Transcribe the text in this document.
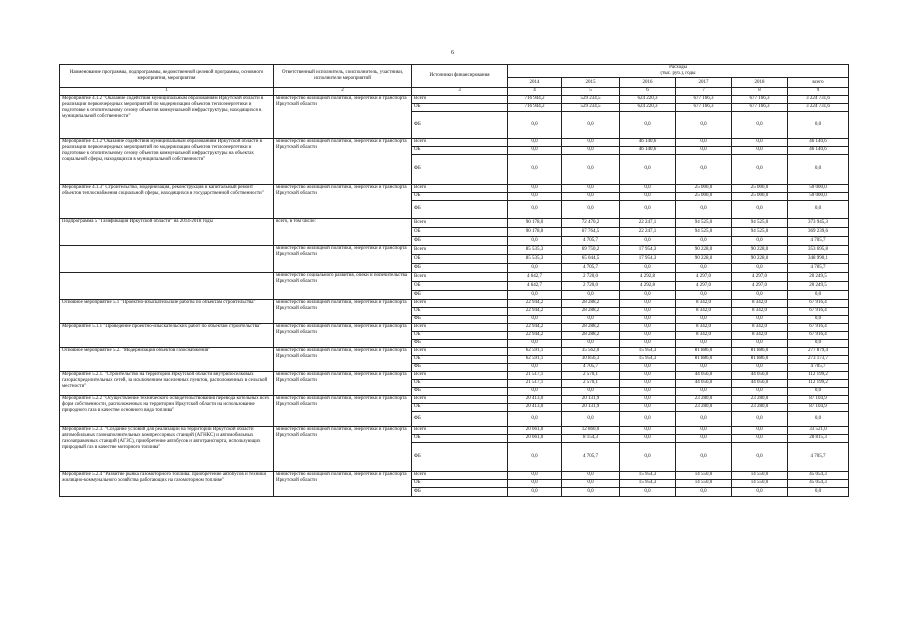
6
Наименование программы, подпрограммы, ведомственной целевой программы, основного мероприятия, мероприятия	Ответственный исполнитель, соисполнитель, участники, исполнители мероприятий	Источники финансирования	Расходы					
			(тыс. руб.), годы					
			2014	2015	2016	2017	2018	всего
1	2	3	4	5	6	7	8	9
Мероприятие 4.1.2 "Оказание содействия муниципальным образованиям Иркутской области в реализации первоочередных мероприятий по модернизации объектов теплоэнергетики и подготовке к отопительному сезону объектов коммунальной инфраструктуры, находящихся в муниципальной собственности"	министерство жилищной политики, энергетики и транспорта Иркутской области	Всего	716 944,2	529 234,5	624 220,3	677 166,3	677 166,3	3 224 731,6
		ОБ	716 944,2	529 234,5	624 220,3	677 166,3	677 166,3	3 224 731,6
		ФБ	0,0	0,0	0,0	0,0	0,0	0,0
Мероприятие 4.1.2"Оказание содействия муниципальным образованиям Иркутской области в реализации первоочередных мероприятий по модернизации объектов теплоэнергетики и подготовке к отопительному сезону объектов коммунальной инфраструктуры на объектах социальной сферы, находящихся в муниципальной собственности"	министерство жилищной политики, энергетики и транспорта Иркутской области	Всего	0,0	0,0	46 140,6	0,0	0,0	46 140,6
		ОБ	0,0	0,0	46 140,6	0,0	0,0	46 140,6
		ФБ	0,0	0,0	0,0	0,0	0,0	0,0
Мероприятие 4.1.3" Строительство, модернизация, реконструкция и капитальный ремонт объектов теплоснабжения социальной сферы, находящихся в государственной собственности"	министерство жилищной политики, энергетики и транспорта Иркутской области	Всего	0,0	0,0	0,0	25 000,0	25 000,0	50 000,0
		ОБ	0,0	0,0	0,0	25 000,0	25 000,0	50 000,0
		ФБ	0,0	0,0	0,0	0,0	0,0	0,0
Подпрограмма 5 "Газификация Иркутской области" на 2014-2018 годы	всего, в том числе:	Всего	90 178,0	72 470,2	22 247,1	94 525,0	94 525,0	373 945,3
		ОБ	90 178,0	67 764,5	22 247,1	94 525,0	94 525,0	369 239,6
		ФБ	0,0	4 705,7	0,0	0,0	0,0	4 705,7
	министерство жилищной политики, энергетики и транспорта Иркутской области	Всего	85 535,3	69 750,2	17 954,3	90 228,0	90 228,0	353 695,8
		ОБ	85 535,3	65 044,5	17 954,3	90 228,0	90 228,0	348 990,1
		ФБ	0,0	4 705,7	0,0	0,0	0,0	4 705,7
	министерство социального развития, опеки и попечительства Иркутской области	Всего	4 642,7	2 720,0	4 292,8	4 297,0	4 297,0	20 249,5
		ОБ	4 642,7	2 720,0	4 292,8	4 297,0	4 297,0	20 249,5
		ФБ	0,0	0,0	0,0	0,0	0,0	0,0
Основное мероприятие 5.1 "Проектно-изыскательские работы по объектам строительства"	министерство жилищной политики, энергетики и транспорта Иркутской области	Всего	22 944,2	28 288,2	0,0	8 342,0	8 342,0	67 916,4
		ОБ	22 944,2	28 288,2	0,0	8 342,0	8 342,0	67 916,4
		ФБ	0,0	0,0	0,0	0,0	0,0	0,0
Мероприятие 5.1.1 "Проведение проектно-изыскательских работ по объектам строительства"	министерство жилищной политики, энергетики и транспорта Иркутской области	Всего	22 944,2	28 288,2	0,0	8 342,0	8 342,0	67 916,4
		ОБ	22 944,2	28 288,2	0,0	8 342,0	8 342,0	67 916,4
		ФБ	0,0	0,0	0,0	0,0	0,0	0,0
Основное мероприятие 5.2. "Модернизация объектов газоснабжения"	министерство жилищной политики, энергетики и транспорта Иркутской области	Всего	62 591,1	35 562,0	15 954,3	81 886,0	81 886,0	277 879,4
		ОБ	62 591,1	30 856,3	15 954,3	81 886,0	81 886,0	273 173,7
		ФБ	0,0	4 705,7	0,0	0,0	0,0	4 705,7
Мероприятие 5.2.1. "Строительство на территории Иркутской области внутрипоселковых газораспределительных сетей, за исключением населенных пунктов, расположенных в сельской местности"	министерство жилищной политики, энергетики и транспорта Иркутской области	Всего	21 517,1	2 570,1	0,0	44 056,0	44 056,0	112 199,2
		ОБ	21 517,1	2 570,1	0,0	44 056,0	44 056,0	112 199,2
		ФБ	0,0	0,0	0,0	0,0	0,0	0,0
Мероприятие 5.2.2 "Осуществление технического освидетельствования перевода котельных всех форм собственности, расположенных на территории Иркутской области на использование природного газа в качестве основного вида топлива"	министерство жилищной политики, энергетики и транспорта Иркутской области	Всего	20 413,0	20 131,9	0,0	23 280,0	23 280,0	87 104,9
		ОБ	20 413,0	20 131,9	0,0	23 280,0	23 280,0	87 104,9
		ФБ	0,0	0,0	0,0	0,0	0,0	0,0
Мероприятие 5.2.3. "Создание условий для реализации на территории Иркутской области автомобильных газонаполнительных компрессорных станций (АГНКС) и автомобильных газозаправочных станций (АГЗС), приобретение автобусов и автотранспорта, использующих природный газ в качестве моторного топлива"	министерство жилищной политики, энергетики и транспорта Иркутской области	Всего	20 661,0	12 860,0	0,0	0,0	0,0	33 521,0
		ОБ	20 661,0	8 154,3	0,0	0,0	0,0	28 815,3
		ФБ	0,0	4 705,7	0,0	0,0	0,0	4 705,7
Мероприятие 5.2.4 "Развитие рынка газомоторного топлива: приобретение автобусов и техники жилищно-коммунального хозяйства работающих на газомоторном топливе"	министерство жилищной политики, энергетики и транспорта Иркутской области	Всего	0,0	0,0	15 954,3	14 550,0	14 550,0	45 054,3
		ОБ	0,0	0,0	15 954,3	14 550,0	14 550,0	45 054,3
		ФБ	0,0	0,0	0,0	0,0	0,0	0,0
